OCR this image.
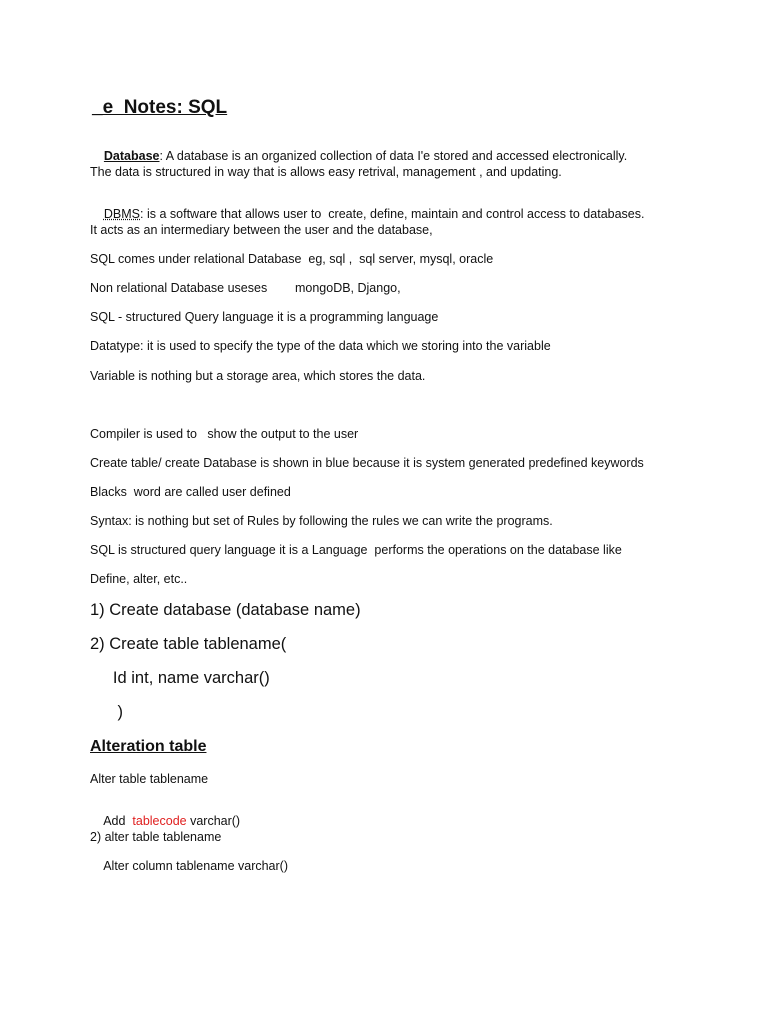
_e  Notes: SQL

Database: A database is an organized collection of data I'e stored and accessed electronically.

The data is structured in way that is allows easy retrival, management , and updating.

DBMS: is a software that allows user to  create, define, maintain and control access to databases.

It acts as an intermediary between the user and the database,
SQL comes under relational Database  eg, sql ,  sql server, mysql, oracle
Non relational Database useses        mongoDB, Django,
SQL - structured Query language it is a programming language
Datatype: it is used to specify the type of the data which we storing into the variable
Variable is nothing but a storage area, which stores the data.
Compiler is used to   show the output to the user
Create table/ create Database is shown in blue because it is system generated predefined keywords
Blacks  word are called user defined
Syntax: is nothing but set of Rules by following the rules we can write the programs.
SQL is structured query language it is a Language  performs the operations on the database like
Define, alter, etc..
1) Create database (database name)
2) Create table tablename(
Id int, name varchar()
)
Alteration table
Alter table tablename

Add  tablecode varchar()

2) alter table tablename
Alter column tablename varchar()
